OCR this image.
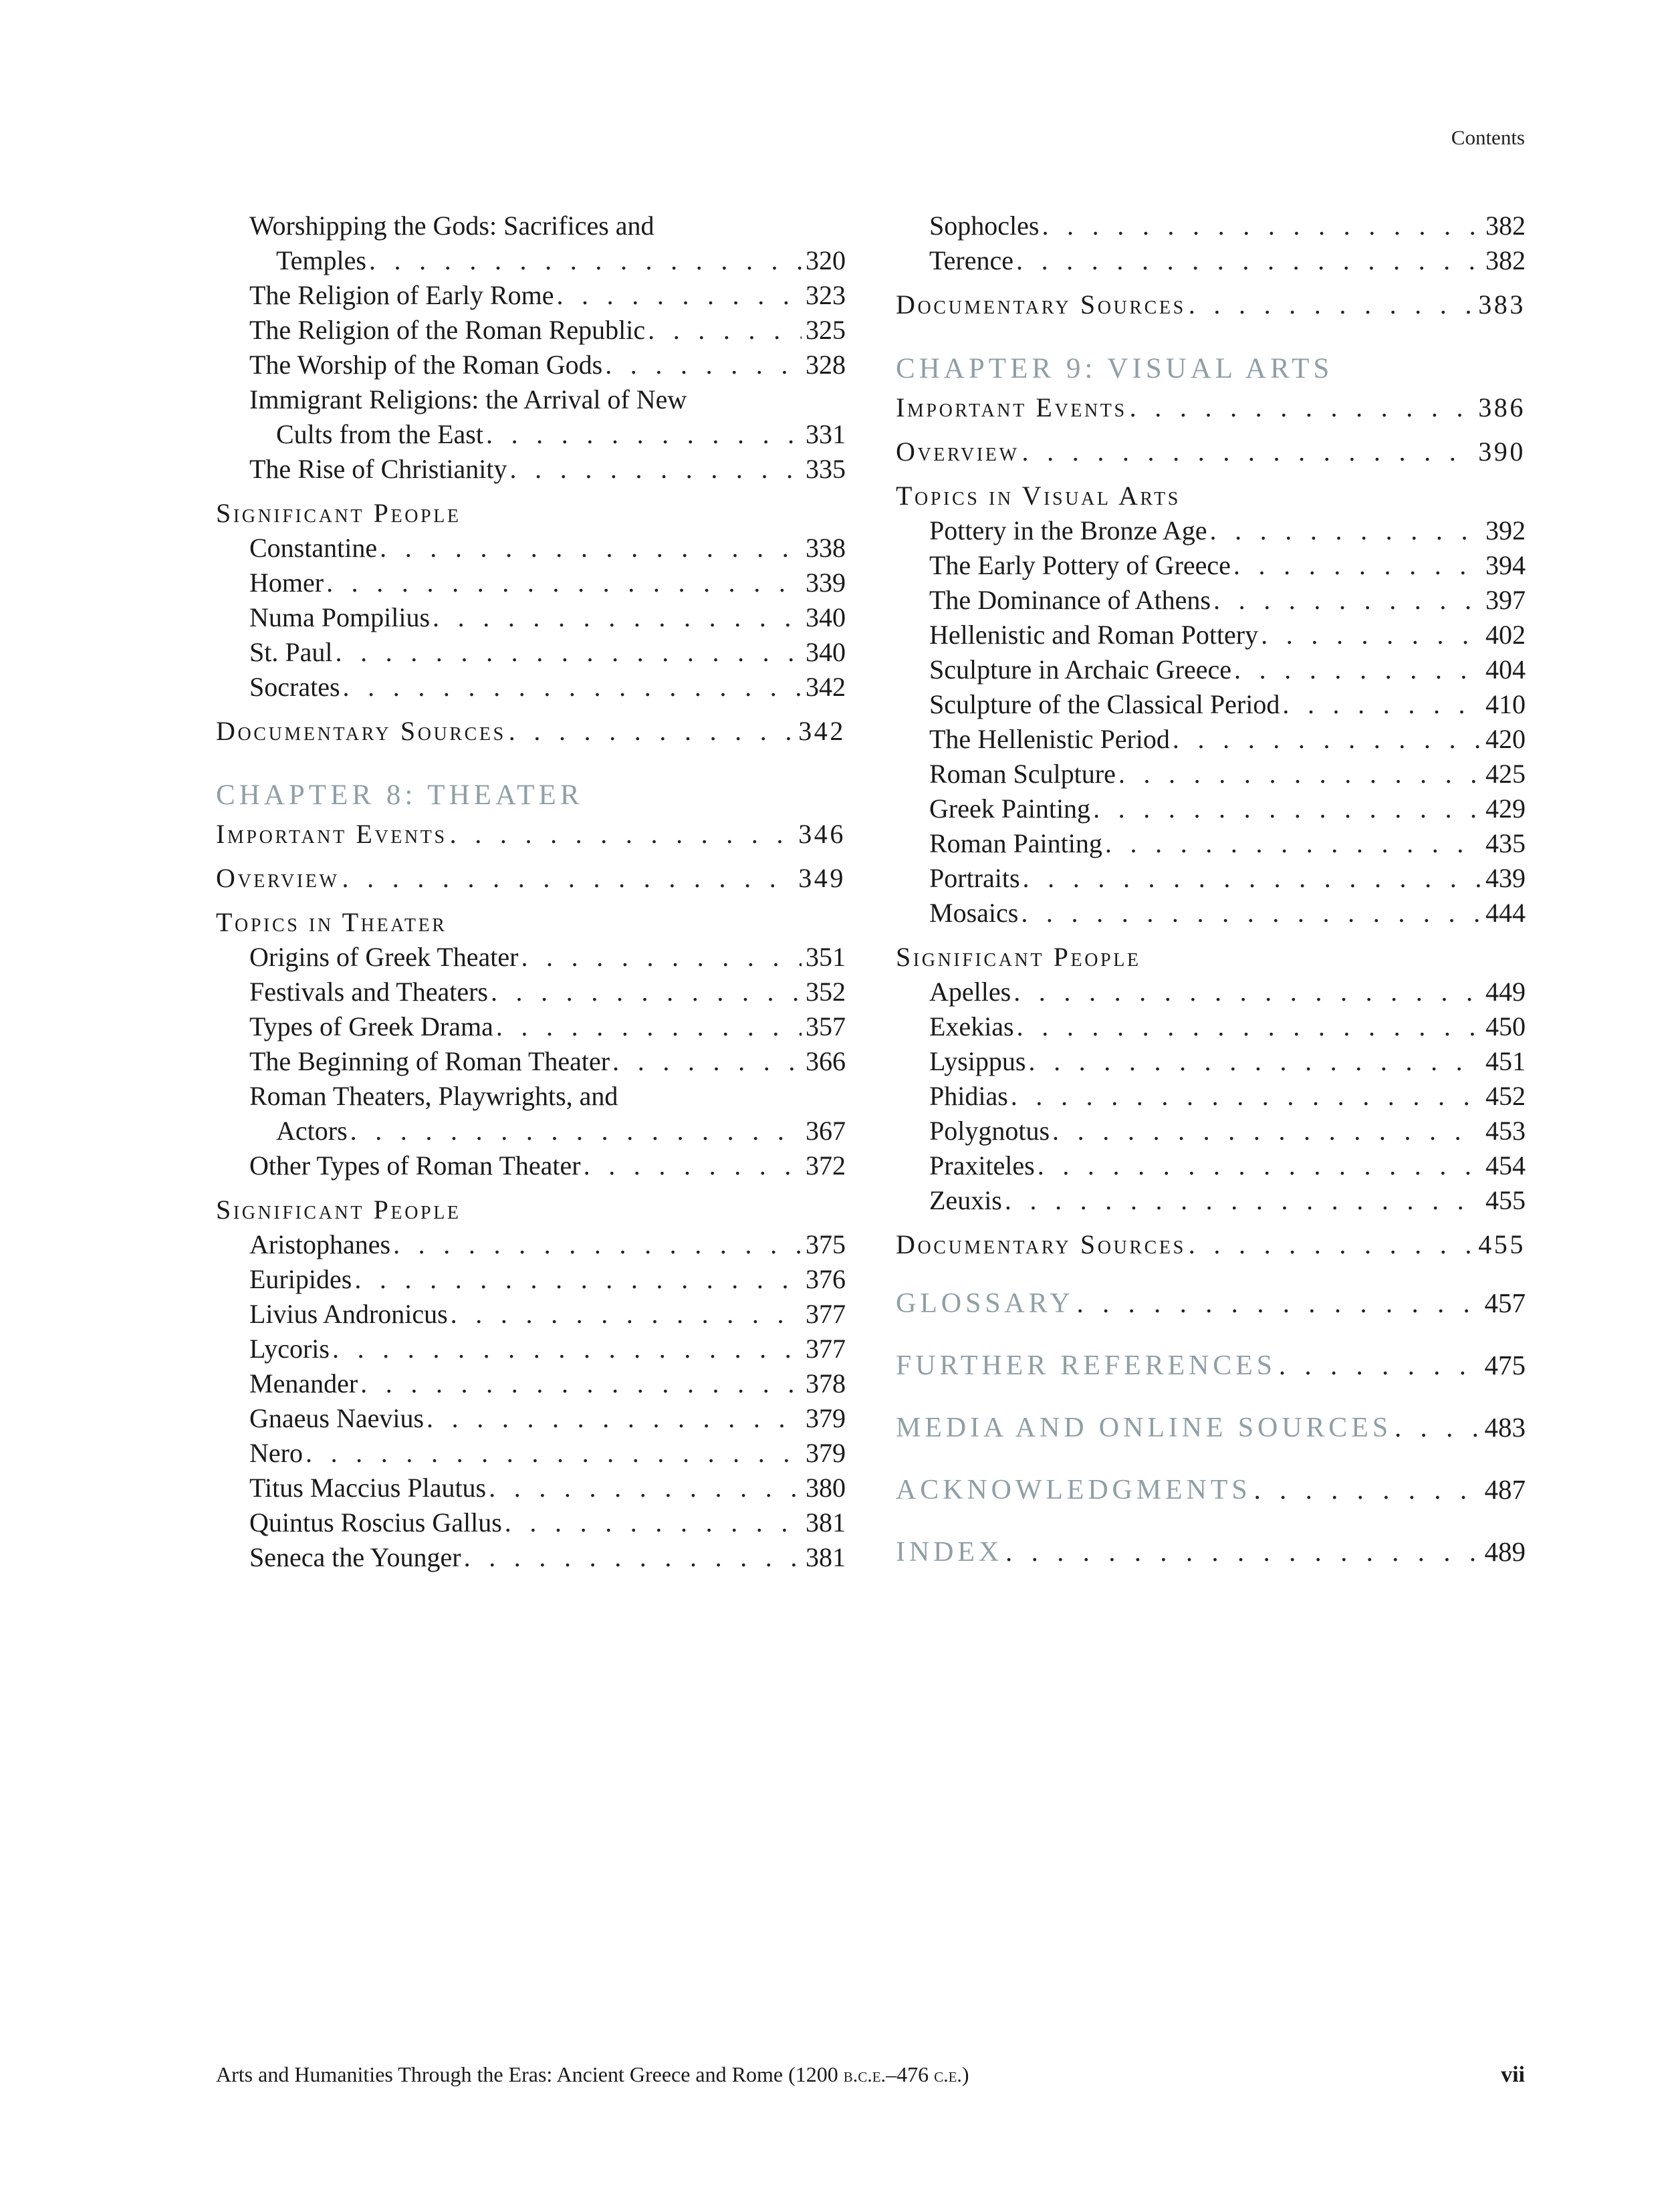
Contents
Worshipping the Gods: Sacrifices and
Temples . . .	320
The Religion of Early Rome . . .	323
The Religion of the Roman Republic . . .	325
The Worship of the Roman Gods . . .	328
Immigrant Religions: the Arrival of New
Cults from the East . . .	331
The Rise of Christianity . . .	335
Significant People
Constantine . . .	338
Homer . . .	339
Numa Pompilius . . .	340
St. Paul . . .	340
Socrates . . .	342
Documentary Sources . . .	342
CHAPTER 8: THEATER
Important Events . . .	346
Overview . . .	349
Topics in Theater
Origins of Greek Theater . . .	351
Festivals and Theaters . . .	352
Types of Greek Drama . . .	357
The Beginning of Roman Theater . . .	366
Roman Theaters, Playwrights, and
Actors . . .	367
Other Types of Roman Theater . . .	372
Significant People
Aristophanes . . .	375
Euripides . . .	376
Livius Andronicus . . .	377
Lycoris . . .	377
Menander . . .	378
Gnaeus Naevius . . .	379
Nero . . .	379
Titus Maccius Plautus . . .	380
Quintus Roscius Gallus . . .	381
Seneca the Younger . . .	381
Sophocles . . .	382
Terence . . .	382
Documentary Sources . . .	383
CHAPTER 9: VISUAL ARTS
Important Events . . .	386
Overview . . .	390
Topics in Visual Arts
Pottery in the Bronze Age . . .	392
The Early Pottery of Greece . . .	394
The Dominance of Athens . . .	397
Hellenistic and Roman Pottery . . .	402
Sculpture in Archaic Greece . . .	404
Sculpture of the Classical Period . . .	410
The Hellenistic Period . . .	420
Roman Sculpture . . .	425
Greek Painting . . .	429
Roman Painting . . .	435
Portraits . . .	439
Mosaics . . .	444
Significant People
Apelles . . .	449
Exekias . . .	450
Lysippus . . .	451
Phidias . . .	452
Polygnotus . . .	453
Praxiteles . . .	454
Zeuxis . . .	455
Documentary Sources . . .	455
GLOSSARY . . .	457
FURTHER REFERENCES . . .	475
MEDIA AND ONLINE SOURCES . . .	483
ACKNOWLEDGMENTS . . .	487
INDEX . . .	489
Arts and Humanities Through the Eras: Ancient Greece and Rome (1200 b.c.e.–476 c.e.)	vii
